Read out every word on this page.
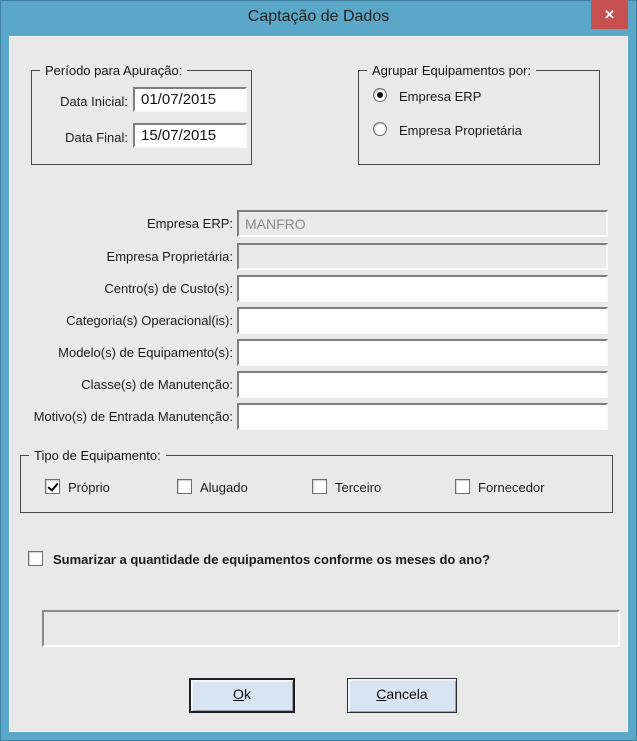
Captação de Dados	✕
Período para Apuração:
Data Inicial:
01/07/2015
Data Final:
15/07/2015
Agrupar Equipamentos por:
Empresa ERP
Empresa Proprietária
Empresa ERP:
MANFRO
Empresa Proprietária:
Centro(s) de Custo(s):
Categoria(s) Operacional(is):
Modelo(s) de Equipamento(s):
Classe(s) de Manutenção:
Motivo(s) de Entrada Manutenção:
Tipo de Equipamento:
Próprio	Alugado	Terceiro	Fornecedor
Sumarizar a quantidade de equipamentos conforme os meses do ano?
Ok	Cancela
